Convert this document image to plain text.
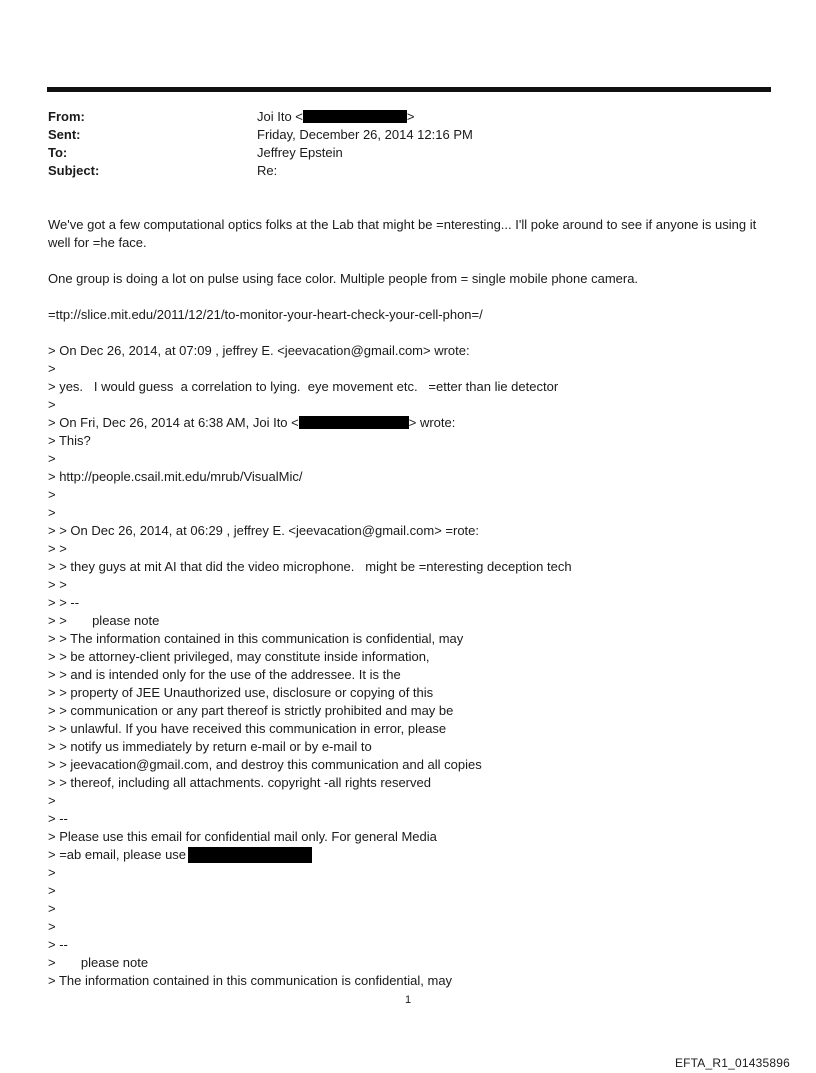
From:	Joi Ito <	>
Sent:	Friday, December 26, 2014 12:16 PM
To:	Jeffrey Epstein
Subject:	Re:
We've got a few computational optics folks at the Lab that might be =nteresting... I'll poke around to see if anyone is using it well for =he face.
One group is doing a lot on pulse using face color. Multiple people from = single mobile phone camera.
=ttp://slice.mit.edu/2011/12/21/to-monitor-your-heart-check-your-cell-phon=/
> On Dec 26, 2014, at 07:09 , jeffrey E. <jeevacation@gmail.com> wrote:
>
> yes.   I would guess  a correlation to lying.  eye movement etc.   =etter than lie detector
>
> On Fri, Dec 26, 2014 at 6:38 AM, Joi Ito <	> wrote:
> This?
>
> http://people.csail.mit.edu/mrub/VisualMic/
>
>
> > On Dec 26, 2014, at 06:29 , jeffrey E. <jeevacation@gmail.com> =rote:
> >
> > they guys at mit AI that did the video microphone.   might be =nteresting deception tech
> >
> > --
> >       please note
> > The information contained in this communication is confidential, may
> > be attorney-client privileged, may constitute inside information,
> > and is intended only for the use of the addressee. It is the
> > property of JEE Unauthorized use, disclosure or copying of this
> > communication or any part thereof is strictly prohibited and may be
> > unlawful. If you have received this communication in error, please
> > notify us immediately by return e-mail or by e-mail to
> > jeevacation@gmail.com, and destroy this communication and all copies
> > thereof, including all attachments. copyright -all rights reserved
>
> --
> Please use this email for confidential mail only. For general Media
> =ab email, please use
>
>
>
>
> --
>       please note
> The information contained in this communication is confidential, may
1
EFTA_R1_01435896
